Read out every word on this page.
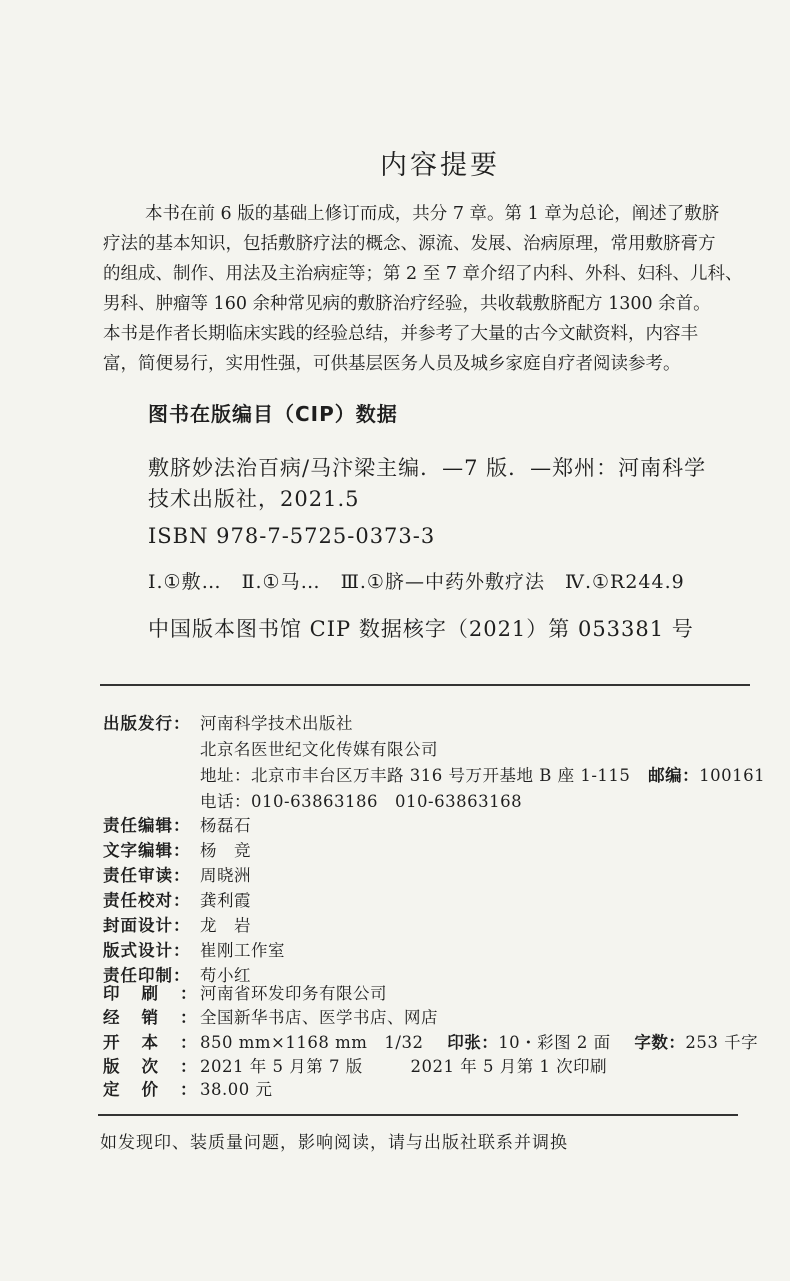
内容提要
本书在前 6 版的基础上修订而成，共分 7 章。第 1 章为总论，阐述了敷脐
疗法的基本知识，包括敷脐疗法的概念、源流、发展、治病原理，常用敷脐膏方
的组成、制作、用法及主治病症等；第 2 至 7 章介绍了内科、外科、妇科、儿科、
男科、肿瘤等 160 余种常见病的敷脐治疗经验，共收载敷脐配方 1300 余首。
本书是作者长期临床实践的经验总结，并参考了大量的古今文献资料，内容丰
富，简便易行，实用性强，可供基层医务人员及城乡家庭自疗者阅读参考。
图书在版编目（CIP）数据
敷脐妙法治百病/马汴梁主编．—7 版．—郑州：河南科学
技术出版社，2021.5
ISBN 978-7-5725-0373-3
Ⅰ.①敷…　Ⅱ.①马…　Ⅲ.①脐—中药外敷疗法　Ⅳ.①R244.9
中国版本图书馆 CIP 数据核字（2021）第 053381 号
出版发行： 河南科学技术出版社
北京名医世纪文化传媒有限公司
地址：北京市丰台区万丰路 316 号万开基地 B 座 1-115 邮编：100161
电话：010-63863186　010-63863168
责任编辑： 杨磊石
文字编辑： 杨　竞
责任审读： 周晓洲
责任校对： 龚利霞
封面设计： 龙　岩
版式设计： 崔刚工作室
责任印制： 苟小红
印刷：
河南省环发印务有限公司
经销：
全国新华书店、医学书店、网店
开本：
850 mm×1168 mm　1/32 印张：10・彩图 2 面 字数：253 千字
版次：
2021 年 5 月第 7 版	2021 年 5 月第 1 次印刷
定价：
38.00 元
如发现印、装质量问题，影响阅读，请与出版社联系并调换
